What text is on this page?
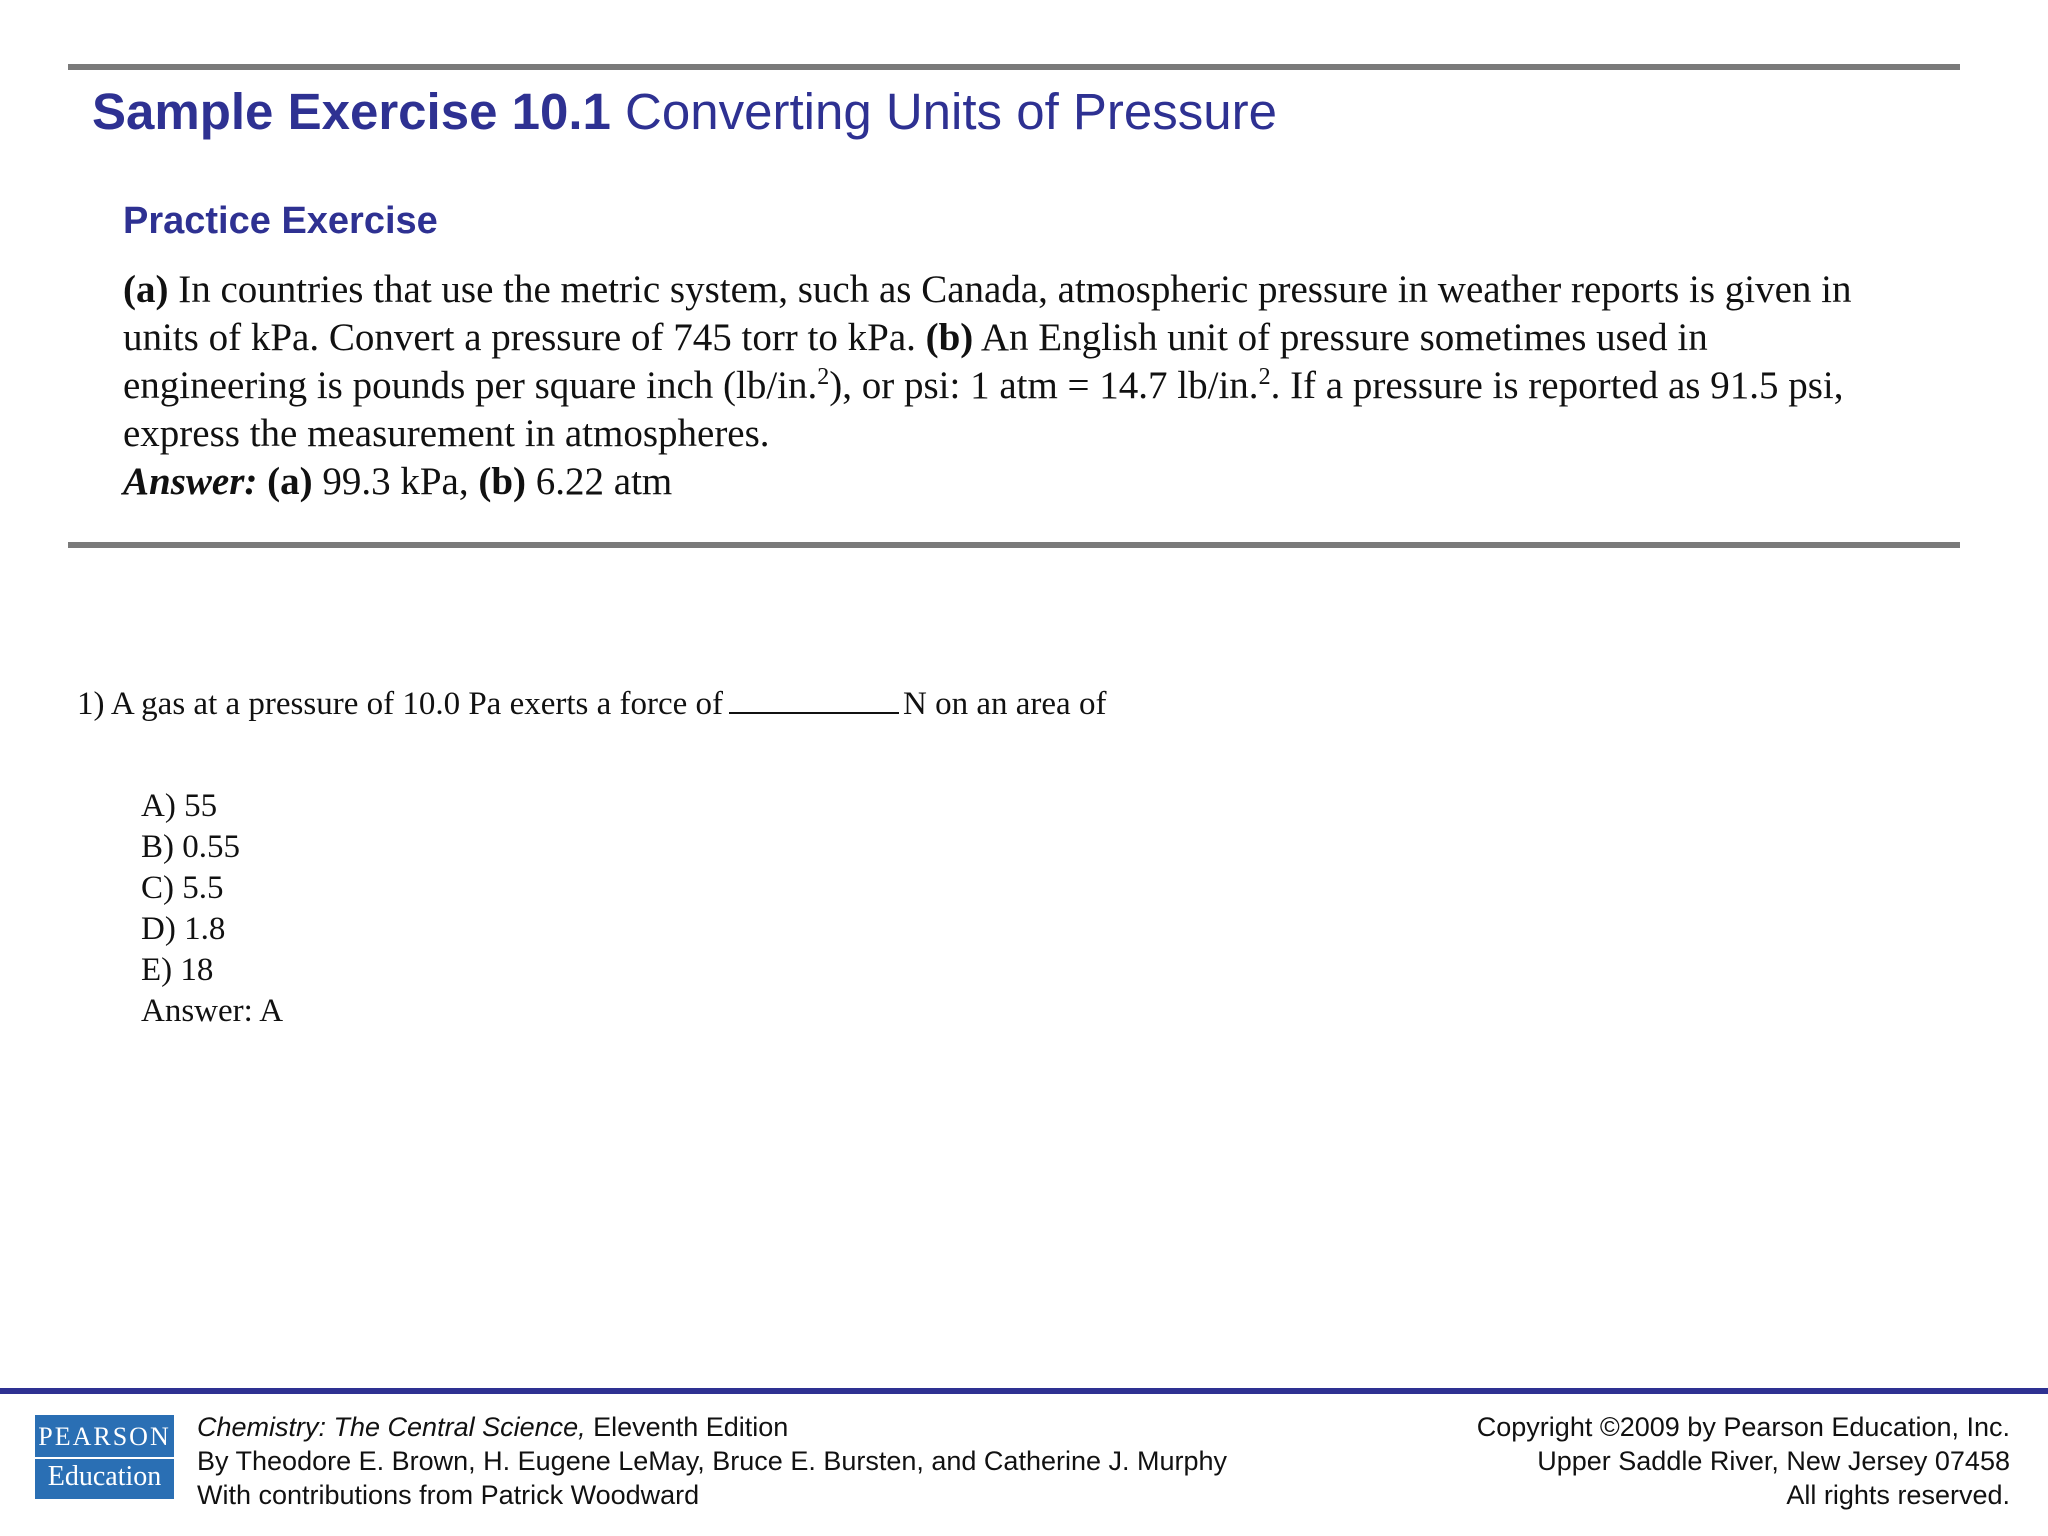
Sample Exercise 10.1 Converting Units of Pressure
Practice Exercise
(a) In countries that use the metric system, such as Canada, atmospheric pressure in weather reports is given in
units of kPa. Convert a pressure of 745 torr to kPa. (b) An English unit of pressure sometimes used in
engineering is pounds per square inch (lb/in.$^2$), or psi: 1 atm = 14.7 lb/in.$^2$. If a pressure is reported as 91.5 psi,
express the measurement in atmospheres.
Answer: (a) 99.3 kPa, (b) 6.22 atm
1) A gas at a pressure of 10.0 Pa exerts a force of	N on an area of
A) 55
B) 0.55
C) 5.5
D) 1.8
E) 18
Answer: A
PEARSON
Education
Chemistry: The Central Science, Eleventh Edition
By Theodore E. Brown, H. Eugene LeMay, Bruce E. Bursten, and Catherine J. Murphy
With contributions from Patrick Woodward
Copyright ©2009 by Pearson Education, Inc.
Upper Saddle River, New Jersey 07458
All rights reserved.
